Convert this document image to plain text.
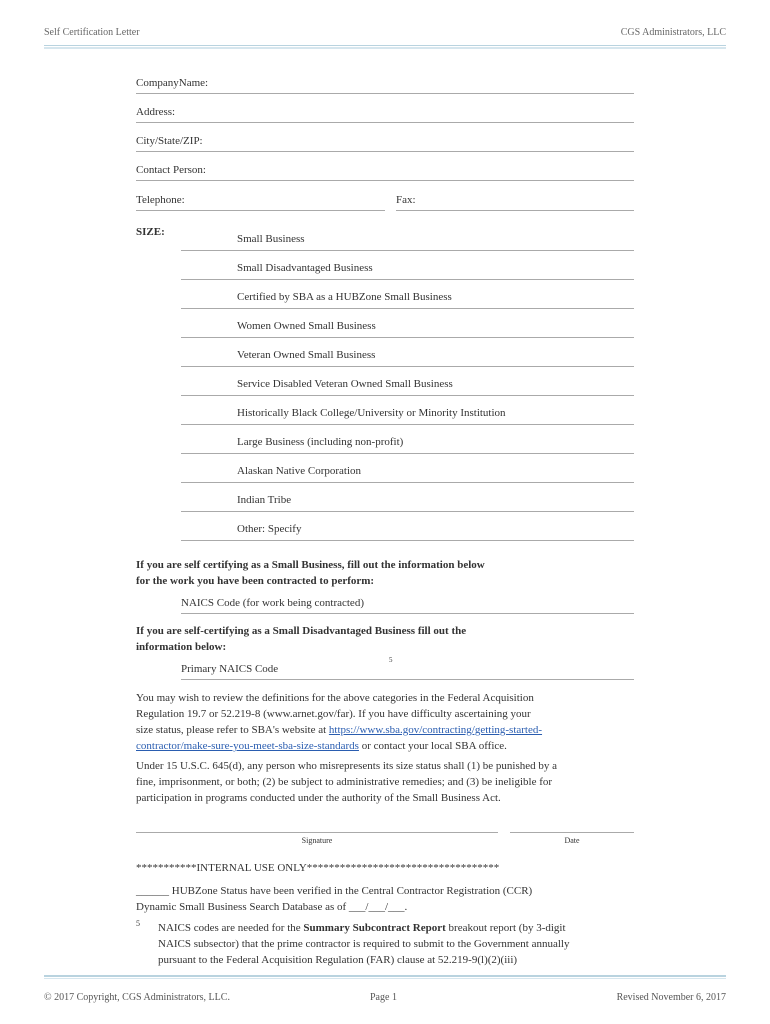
Self Certification Letter	CGS Administrators, LLC
CompanyName:
Address:
City/State/ZIP:
Contact Person:
Telephone:	Fax:
SIZE:
Small Business
Small Disadvantaged Business
Certified by SBA as a HUBZone Small Business
Women Owned Small Business
Veteran Owned Small Business
Service Disabled Veteran Owned Small Business
Historically Black College/University or Minority Institution
Large Business (including non-profit)
Alaskan Native Corporation
Indian Tribe
Other: Specify
If you are self certifying as a Small Business, fill out the information below
for the work you have been contracted to perform:
NAICS Code (for work being contracted)
If you are self-certifying as a Small Disadvantaged Business fill out the
information below:
Primary NAICS Code
5
You may wish to review the definitions for the above categories in the Federal Acquisition
Regulation 19.7 or 52.219-8 (www.arnet.gov/far). If you have difficulty ascertaining your
size status, please refer to SBA's website at https://www.sba.gov/contracting/getting-started-
contractor/make-sure-you-meet-sba-size-standards or contact your local SBA office.
Under 15 U.S.C. 645(d), any person who misrepresents its size status shall (1) be punished by a
fine, imprisonment, or both; (2) be subject to administrative remedies; and (3) be ineligible for
participation in programs conducted under the authority of the Small Business Act.
Signature	Date
***********INTERNAL USE ONLY***********************************
______ HUBZone Status have been verified in the Central Contractor Registration (CCR)
Dynamic Small Business Search Database as of ___/___/___.
5 NAICS codes are needed for the Summary Subcontract Report breakout report (by 3-digit
NAICS subsector) that the prime contractor is required to submit to the Government annually
pursuant to the Federal Acquisition Regulation (FAR) clause at 52.219-9(l)(2)(iii)
© 2017 Copyright, CGS Administrators, LLC.	Page 1	Revised November 6, 2017
